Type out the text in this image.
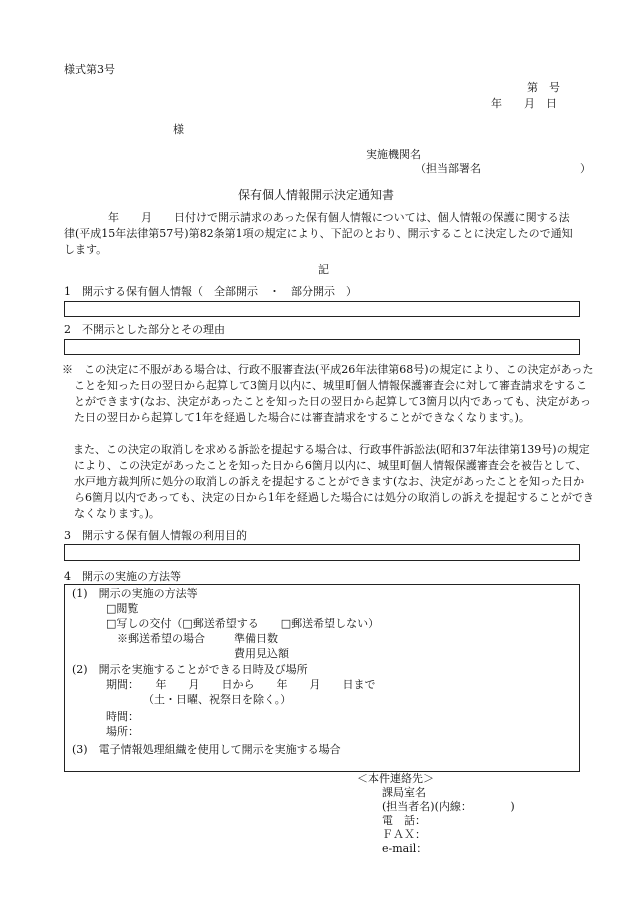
様式第3号
第　号
年　　月　日
様
実施機関名
（担当部署名　　　　　　　　　）
保有個人情報開示決定通知書
　　　　年　　月　　日付けで開示請求のあった保有個人情報については、個人情報の保護に関する法律(平成15年法律第57号)第82条第1項の規定により、下記のとおり、開示することに決定したので通知します。
記
1　開示する保有個人情報（　全部開示　・　部分開示　）
2　不開示とした部分とその理由
※　この決定に不服がある場合は、行政不服審査法(平成26年法律第68号)の規定により、この決定があったことを知った日の翌日から起算して3箇月以内に、城里町個人情報保護審査会に対して審査請求をすることができます(なお、決定があったことを知った日の翌日から起算して3箇月以内であっても、決定があった日の翌日から起算して1年を経過した場合には審査請求をすることができなくなります。)。
　また、この決定の取消しを求める訴訟を提起する場合は、行政事件訴訟法(昭和37年法律第139号)の規定により、この決定があったことを知った日から6箇月以内に、城里町個人情報保護審査会を被告として、水戸地方裁判所に処分の取消しの訴えを提起することができます(なお、決定があったことを知った日から6箇月以内であっても、決定の日から1年を経過した場合には処分の取消しの訴えを提起することができなくなります。)。
3　開示する保有個人情報の利用目的
4　開示の実施の方法等
(1)　開示の実施の方法等
□閲覧
□写しの交付（□郵送希望する　　□郵送希望しない）
※郵送希望の場合	準備日数
費用見込額
(2)　開示を実施することができる日時及び場所
期間：　　年　　月　　日から　　年　　月　　日まで
（土・日曜、祝祭日を除く。）
時間：
場所：
(3)　電子情報処理組織を使用して開示を実施する場合
＜本件連絡先＞
課局室名
(担当者名)(内線：　　　　)
電　話：
ＦＡＸ：
e-mail：
